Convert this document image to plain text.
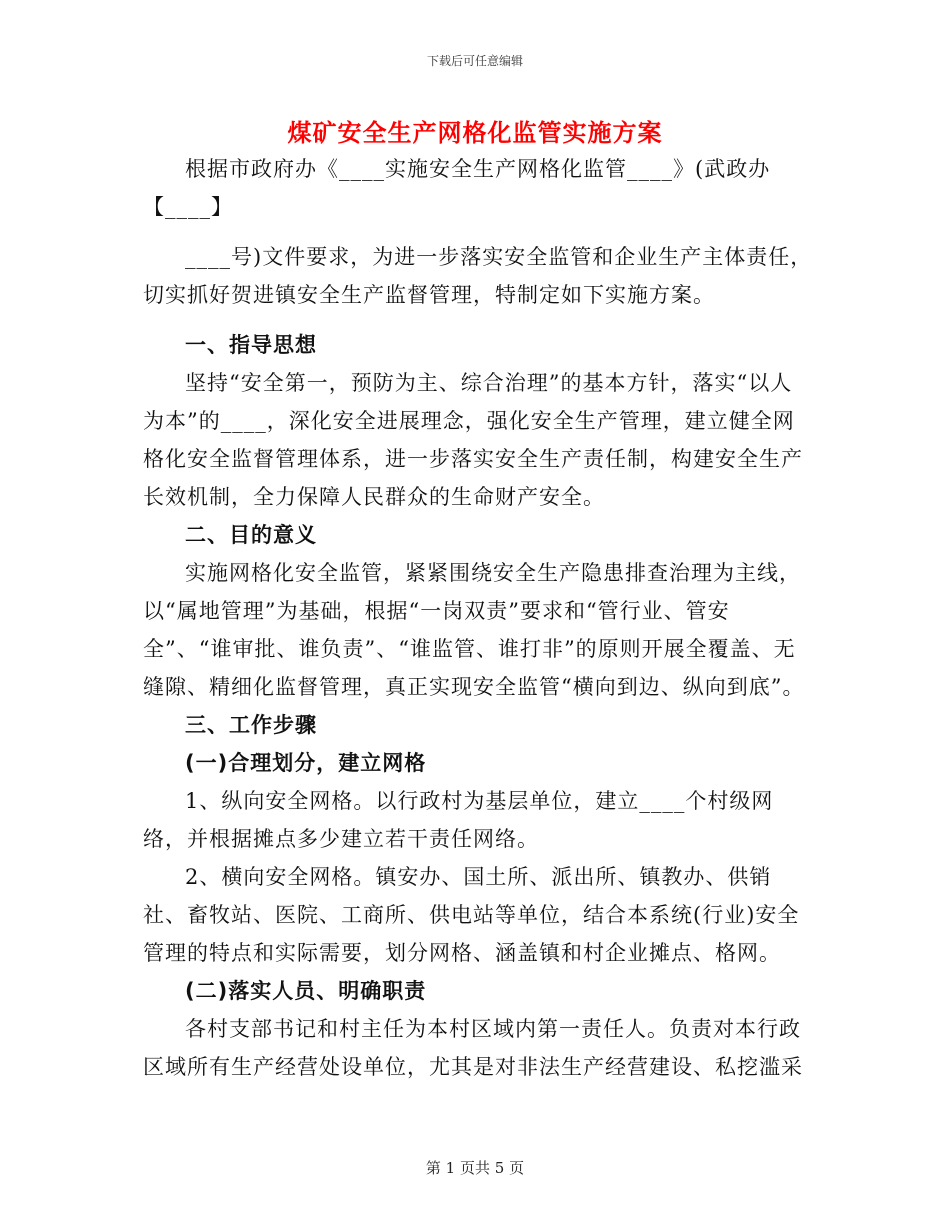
下载后可任意编辑
煤矿安全生产网格化监管实施方案

根据市政府办《____实施安全生产网格化监管____》(武政办【____】

____号)文件要求，为进一步落实安全监管和企业生产主体责任，切实抓好贺进镇安全生产监督管理，特制定如下实施方案。

一、指导思想

坚持“安全第一，预防为主、综合治理”的基本方针，落实“以人为本”的____，深化安全进展理念，强化安全生产管理，建立健全网格化安全监督管理体系，进一步落实安全生产责任制，构建安全生产长效机制，全力保障人民群众的生命财产安全。

二、目的意义

实施网格化安全监管，紧紧围绕安全生产隐患排查治理为主线，以“属地管理”为基础，根据“一岗双责”要求和“管行业、管安全”、“谁审批、谁负责”、“谁监管、谁打非”的原则开展全覆盖、无缝隙、精细化监督管理，真正实现安全监管“横向到边、纵向到底”。

三、工作步骤

(一)合理划分，建立网格

1、纵向安全网格。以行政村为基层单位，建立____个村级网络，并根据摊点多少建立若干责任网络。

2、横向安全网格。镇安办、国土所、派出所、镇教办、供销社、畜牧站、医院、工商所、供电站等单位，结合本系统(行业)安全管理的特点和实际需要，划分网格、涵盖镇和村企业摊点、格网。

(二)落实人员、明确职责

各村支部书记和村主任为本村区域内第一责任人。负责对本行政区域所有生产经营处设单位，尤其是对非法生产经营建设、私挖滥采

第 1 页共 5 页
